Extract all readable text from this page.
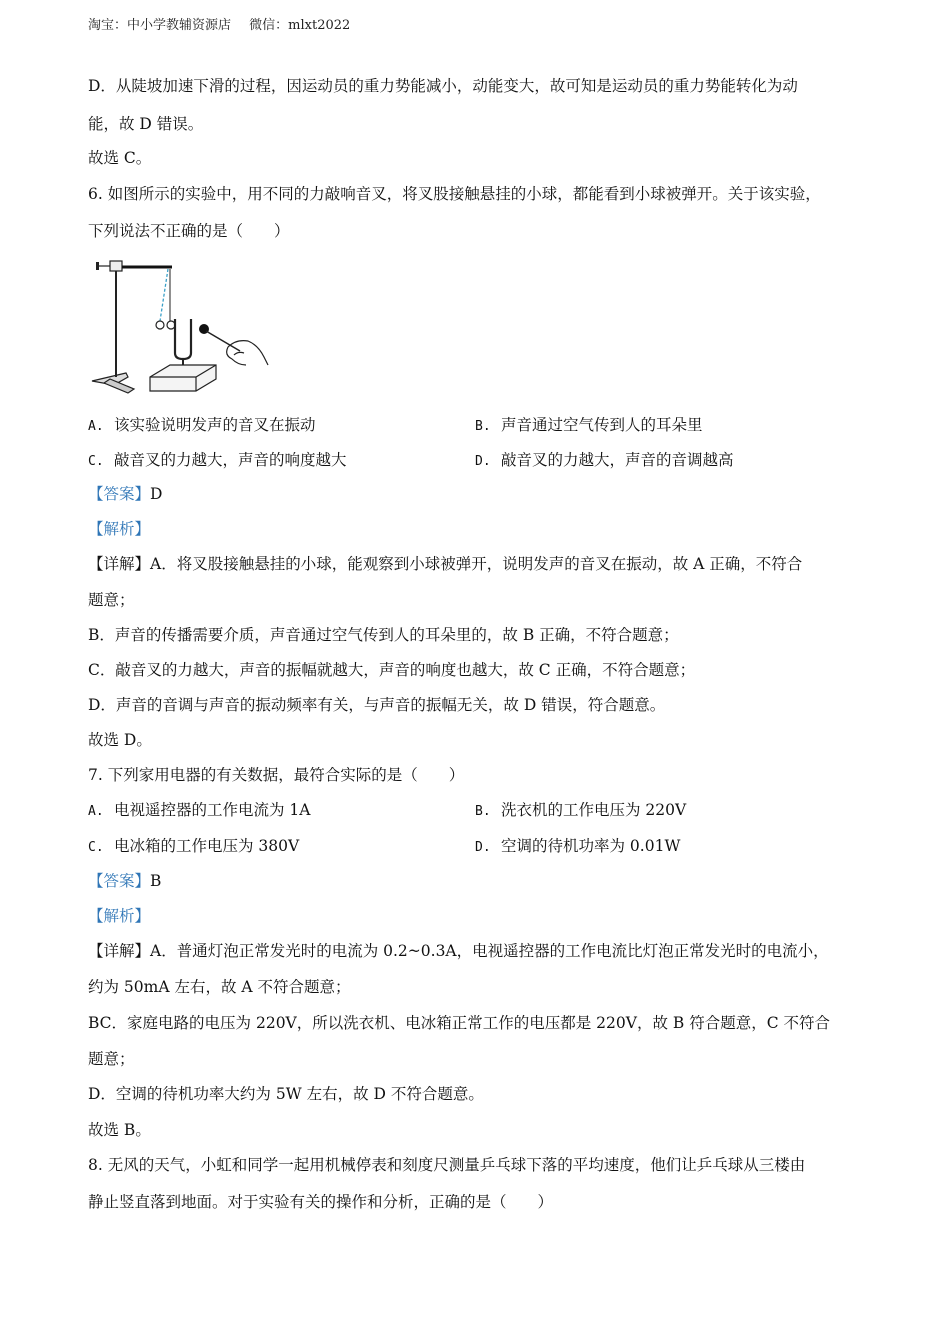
淘宝：中小学教辅资源店 微信：mlxt2022
D．从陡坡加速下滑的过程，因运动员的重力势能减小，动能变大，故可知是运动员的重力势能转化为动
能，故 D 错误。
故选 C。
6. 如图所示的实验中，用不同的力敲响音叉，将叉股接触悬挂的小球，都能看到小球被弹开。关于该实验，
下列说法不正确的是（　　）
A. 该实验说明发声的音叉在振动	B. 声音通过空气传到人的耳朵里
C. 敲音叉的力越大，声音的响度越大	D. 敲音叉的力越大，声音的音调越高
【答案】D
【解析】
【详解】A．将叉股接触悬挂的小球，能观察到小球被弹开，说明发声的音叉在振动，故 A 正确，不符合
题意；
B．声音的传播需要介质，声音通过空气传到人的耳朵里的，故 B 正确，不符合题意；
C．敲音叉的力越大，声音的振幅就越大，声音的响度也越大，故 C 正确，不符合题意；
D．声音的音调与声音的振动频率有关，与声音的振幅无关，故 D 错误，符合题意。
故选 D。
7. 下列家用电器的有关数据，最符合实际的是（　　）
A. 电视遥控器的工作电流为 1A	B. 洗衣机的工作电压为 220V
C. 电冰箱的工作电压为 380V	D. 空调的待机功率为 0.01W
【答案】B
【解析】
【详解】A．普通灯泡正常发光时的电流为 0.2~0.3A，电视遥控器的工作电流比灯泡正常发光时的电流小，
约为 50mA 左右，故 A 不符合题意；
BC．家庭电路的电压为 220V，所以洗衣机、电冰箱正常工作的电压都是 220V，故 B 符合题意，C 不符合
题意；
D．空调的待机功率大约为 5W 左右，故 D 不符合题意。
故选 B。
8. 无风的天气，小虹和同学一起用机械停表和刻度尺测量乒乓球下落的平均速度，他们让乒乓球从三楼由
静止竖直落到地面。对于实验有关的操作和分析，正确的是（　　）
